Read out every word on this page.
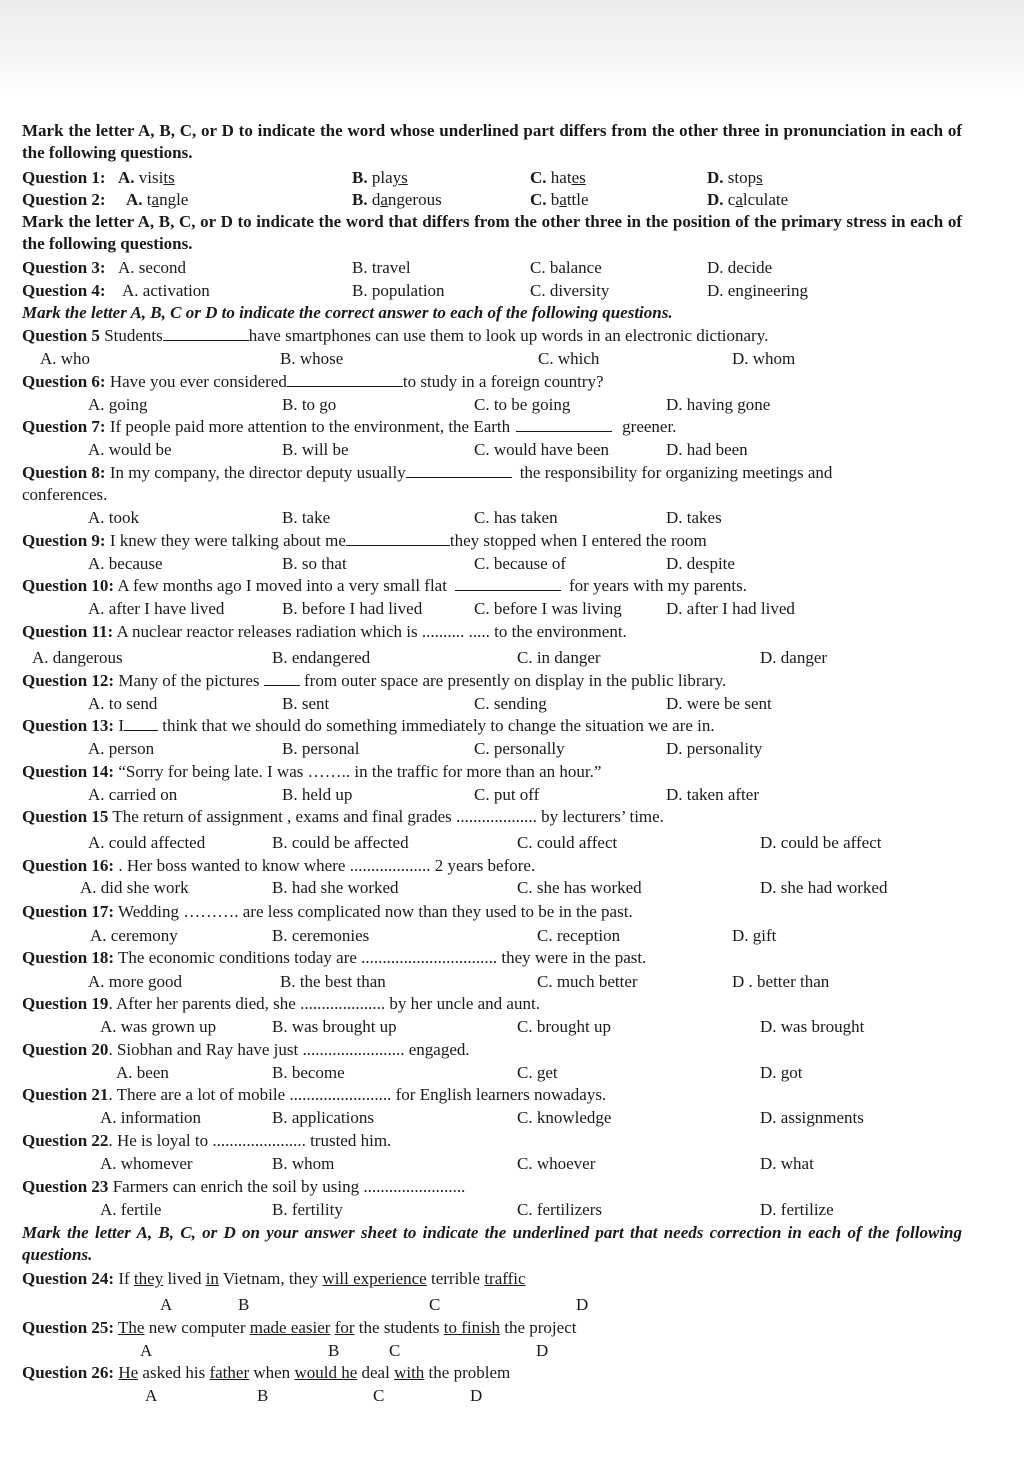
Mark the letter A, B, C, or D to indicate the word whose underlined part differs from the other three in pronunciation in each of the following questions.
Question 1: A. visits	B. plays	C. hates	D. stops
Question 2: A. tangle	B. dangerous	C. battle	D. calculate
Mark the letter A, B, C, or D to indicate the word that differs from the other three in the position of the primary stress in each of the following questions.
Question 3: A. second	B. travel	C. balance	D. decide
Question 4: A. activation	B. population	C. diversity	D. engineering
Mark the letter A, B, C or D to indicate the correct answer to each of the following questions.
Question 5 Students	have smartphones can use them to look up words in an electronic dictionary.
A. who	B. whose	C. which	D. whom
Question 6: Have you ever considered	to study in a foreign country?
A. going	B. to go	C. to be going	D. having gone
Question 7: If people paid more attention to the environment, the Earth	greener.
A. would be	B. will be	C. would have been	D. had been
Question 8: In my company, the director deputy usually	the responsibility for organizing meetings and
conferences.
A. took	B. take	C. has taken	D. takes
Question 9: I knew they were talking about me	they stopped when I entered the room
A. because	B. so that	C. because of	D. despite
Question 10: A few months ago I moved into a very small flat	for years with my parents.
A. after I have lived	B. before I had lived	C. before I was living	D. after I had lived
Question 11: A nuclear reactor releases radiation which is .......... ..... to the environment.
A. dangerous	B. endangered	C. in danger	D. danger
Question 12: Many of the pictures  from outer space are presently on display in the public library.
A. to send	B. sent	C. sending	D. were be sent
Question 13: I think that we should do something immediately to change the situation we are in.
A. person	B. personal	C. personally	D. personality
Question 14: “Sorry for being late. I was …….. in the traffic for more than an hour.”
A. carried on	B. held up	C. put off	D. taken after
Question 15 The return of assignment , exams and final grades ................... by lecturers’ time.
A. could affected	B. could be affected	C. could affect	D. could be affect
Question 16: . Her boss wanted to know where ................... 2 years before.
A. did she work	B. had she worked	C. she has worked	D. she had worked
Question 17: Wedding ………. are less complicated now than they used to be in the past.
A. ceremony	B. ceremonies	C. reception	D. gift
Question 18: The economic conditions today are ................................ they were in the past.
A. more good	B. the best than	C. much better	D . better than
Question 19. After her parents died, she .................... by her uncle and aunt.
A. was grown up	B. was brought up	C. brought up	D. was brought
Question 20. Siobhan and Ray have just ........................ engaged.
A. been	B. become	C. get	D. got
Question 21. There are a lot of mobile ........................ for English learners nowadays.
A. information	B. applications	C. knowledge	D. assignments
Question 22. He is loyal to ...................... trusted him.
A. whomever	B. whom	C. whoever	D. what
Question 23 Farmers can enrich the soil by using ........................
A. fertile	B. fertility	C. fertilizers	D. fertilize
Mark the letter A, B, C, or D on your answer sheet to indicate the underlined part that needs correction in each of the following questions.
Question 24: If they lived in Vietnam, they will experience terrible traffic
A	B	C	D
Question 25: The new computer made easier for the students to finish the project
A	B	C	D
Question 26: He asked his father when would he deal with the problem
A	B	C	D
